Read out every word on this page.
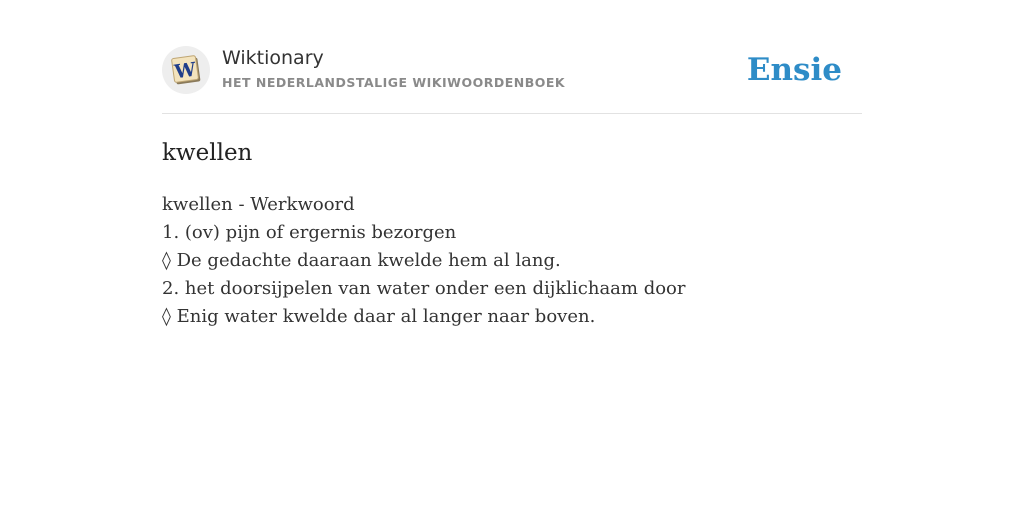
W
Wiktionary
HET NEDERLANDSTALIGE WIKIWOORDENBOEK	Ensie
kwellen
kwellen - Werkwoord
1. (ov) pijn of ergernis bezorgen
◊ De gedachte daaraan kwelde hem al lang.
2. het doorsijpelen van water onder een dijklichaam door
◊ Enig water kwelde daar al langer naar boven.
